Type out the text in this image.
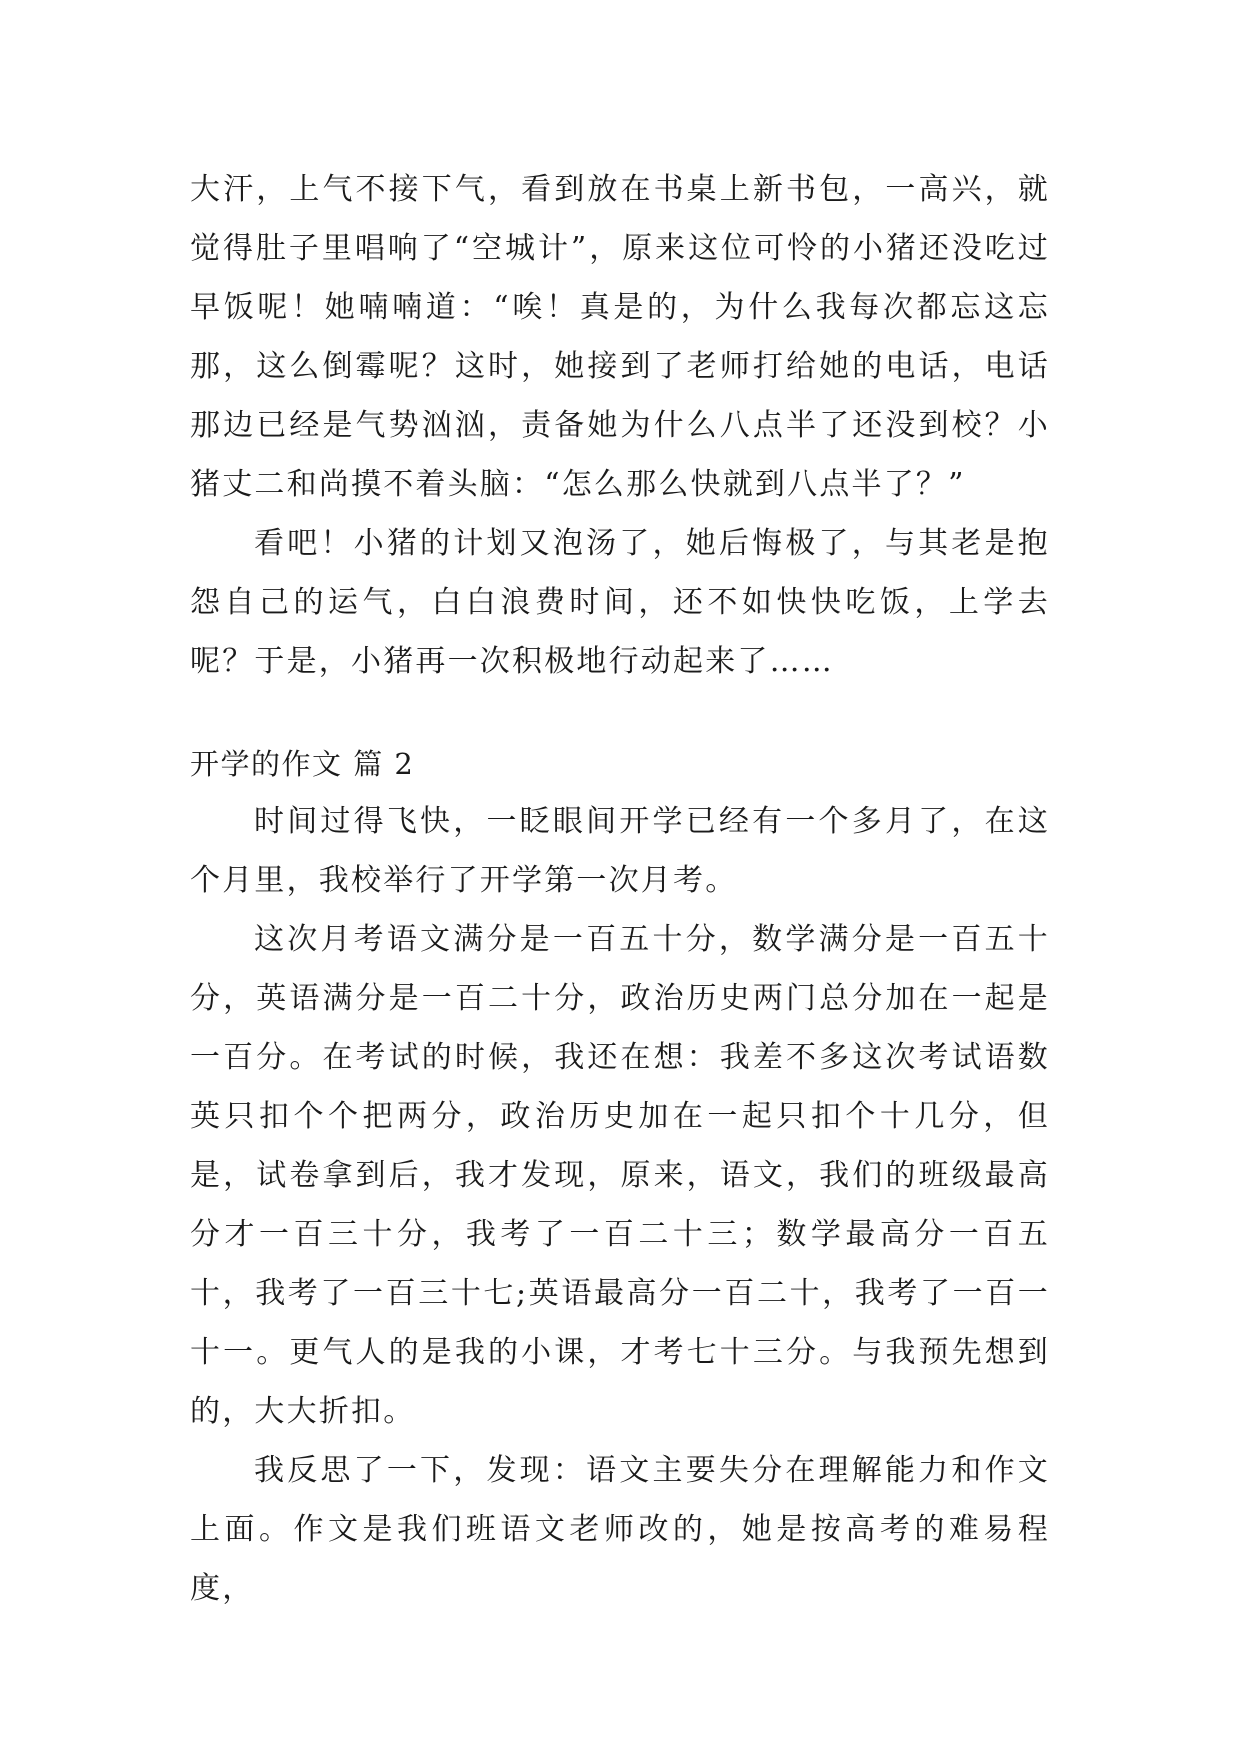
大汗，上气不接下气，看到放在书桌上新书包，一高兴，就觉得肚子里唱响了“空城计”，原来这位可怜的小猪还没吃过早饭呢！她喃喃道：“唉！真是的，为什么我每次都忘这忘那，这么倒霉呢？这时，她接到了老师打给她的电话，电话那边已经是气势汹汹，责备她为什么八点半了还没到校？小猪丈二和尚摸不着头脑：“怎么那么快就到八点半了？”

看吧！小猪的计划又泡汤了，她后悔极了，与其老是抱怨自己的运气，白白浪费时间，还不如快快吃饭，上学去呢？于是，小猪再一次积极地行动起来了……

开学的作文 篇 2

时间过得飞快，一眨眼间开学已经有一个多月了，在这个月里，我校举行了开学第一次月考。

这次月考语文满分是一百五十分，数学满分是一百五十分，英语满分是一百二十分，政治历史两门总分加在一起是一百分。在考试的时候，我还在想：我差不多这次考试语数英只扣个个把两分，政治历史加在一起只扣个十几分，但是，试卷拿到后，我才发现，原来，语文，我们的班级最高分才一百三十分，我考了一百二十三；数学最高分一百五十，我考了一百三十七;英语最高分一百二十，我考了一百一十一。更气人的是我的小课，才考七十三分。与我预先想到的，大大折扣。

我反思了一下，发现：语文主要失分在理解能力和作文上面。作文是我们班语文老师改的，她是按高考的难易程度，
